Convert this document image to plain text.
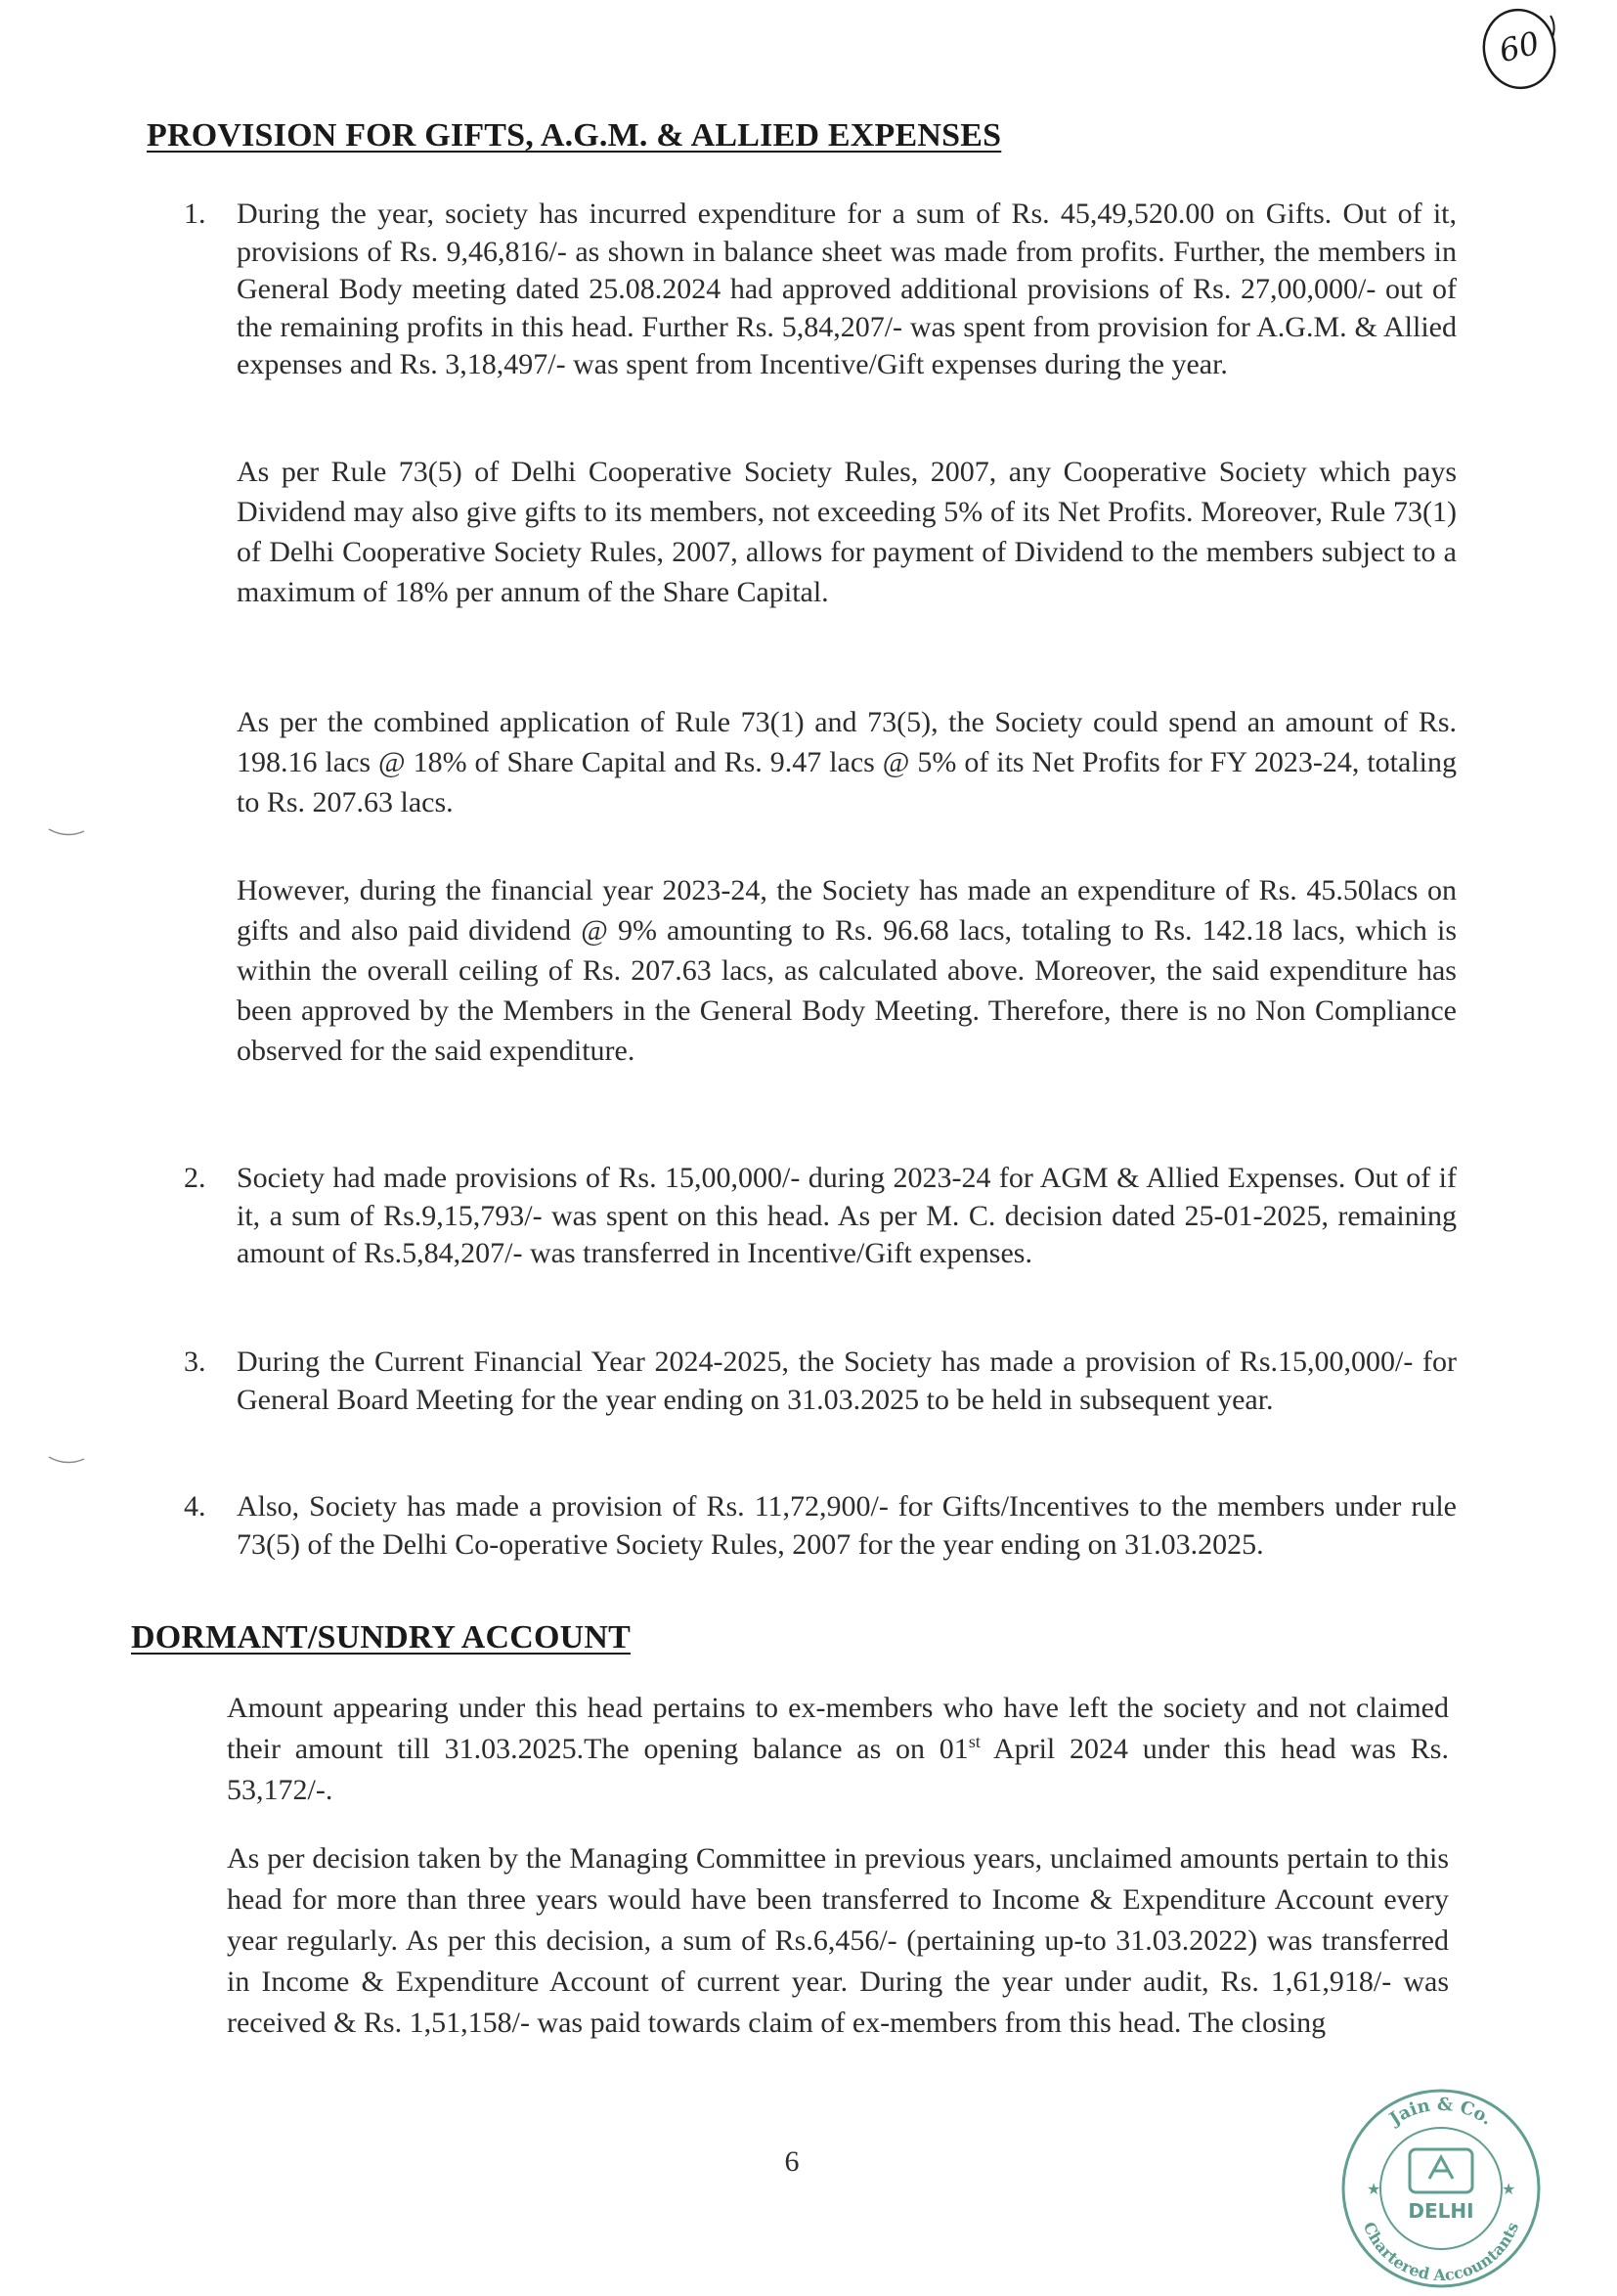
60
PROVISION FOR GIFTS, A.G.M. & ALLIED EXPENSES
1. During the year, society has incurred expenditure for a sum of Rs. 45,49,520.00 on Gifts. Out of it, provisions of Rs. 9,46,816/- as shown in balance sheet was made from profits. Further, the members in General Body meeting dated 25.08.2024 had approved additional provisions of Rs. 27,00,000/- out of the remaining profits in this head. Further Rs. 5,84,207/- was spent from provision for A.G.M. & Allied expenses and Rs. 3,18,497/- was spent from Incentive/Gift expenses during the year.
As per Rule 73(5) of Delhi Cooperative Society Rules, 2007, any Cooperative Society which pays Dividend may also give gifts to its members, not exceeding 5% of its Net Profits. Moreover, Rule 73(1) of Delhi Cooperative Society Rules, 2007, allows for payment of Dividend to the members subject to a maximum of 18% per annum of the Share Capital.
As per the combined application of Rule 73(1) and 73(5), the Society could spend an amount of Rs. 198.16 lacs @ 18% of Share Capital and Rs. 9.47 lacs @ 5% of its Net Profits for FY 2023-24, totaling to Rs. 207.63 lacs.
However, during the financial year 2023-24, the Society has made an expenditure of Rs. 45.50lacs on gifts and also paid dividend @ 9% amounting to Rs. 96.68 lacs, totaling to Rs. 142.18 lacs, which is within the overall ceiling of Rs. 207.63 lacs, as calculated above. Moreover, the said expenditure has been approved by the Members in the General Body Meeting. Therefore, there is no Non Compliance observed for the said expenditure.
2. Society had made provisions of Rs. 15,00,000/- during 2023-24 for AGM & Allied Expenses. Out of if it, a sum of Rs.9,15,793/- was spent on this head. As per M. C. decision dated 25-01-2025, remaining amount of Rs.5,84,207/- was transferred in Incentive/Gift expenses.
3. During the Current Financial Year 2024-2025, the Society has made a provision of Rs.15,00,000/- for General Board Meeting for the year ending on 31.03.2025 to be held in subsequent year.
4. Also, Society has made a provision of Rs. 11,72,900/- for Gifts/Incentives to the members under rule 73(5) of the Delhi Co-operative Society Rules, 2007 for the year ending on 31.03.2025.
DORMANT/SUNDRY ACCOUNT
Amount appearing under this head pertains to ex-members who have left the society and not claimed their amount till 31.03.2025.The opening balance as on 01st April 2024 under this head was Rs. 53,172/-.
As per decision taken by the Managing Committee in previous years, unclaimed amounts pertain to this head for more than three years would have been transferred to Income & Expenditure Account every year regularly. As per this decision, a sum of Rs.6,456/- (pertaining up-to 31.03.2022) was transferred in Income & Expenditure Account of current year. During the year under audit, Rs. 1,61,918/- was received & Rs. 1,51,158/- was paid towards claim of ex-members from this head. The closing
6
Jain & Co.
DELHI
Chartered Accountants
★	★
